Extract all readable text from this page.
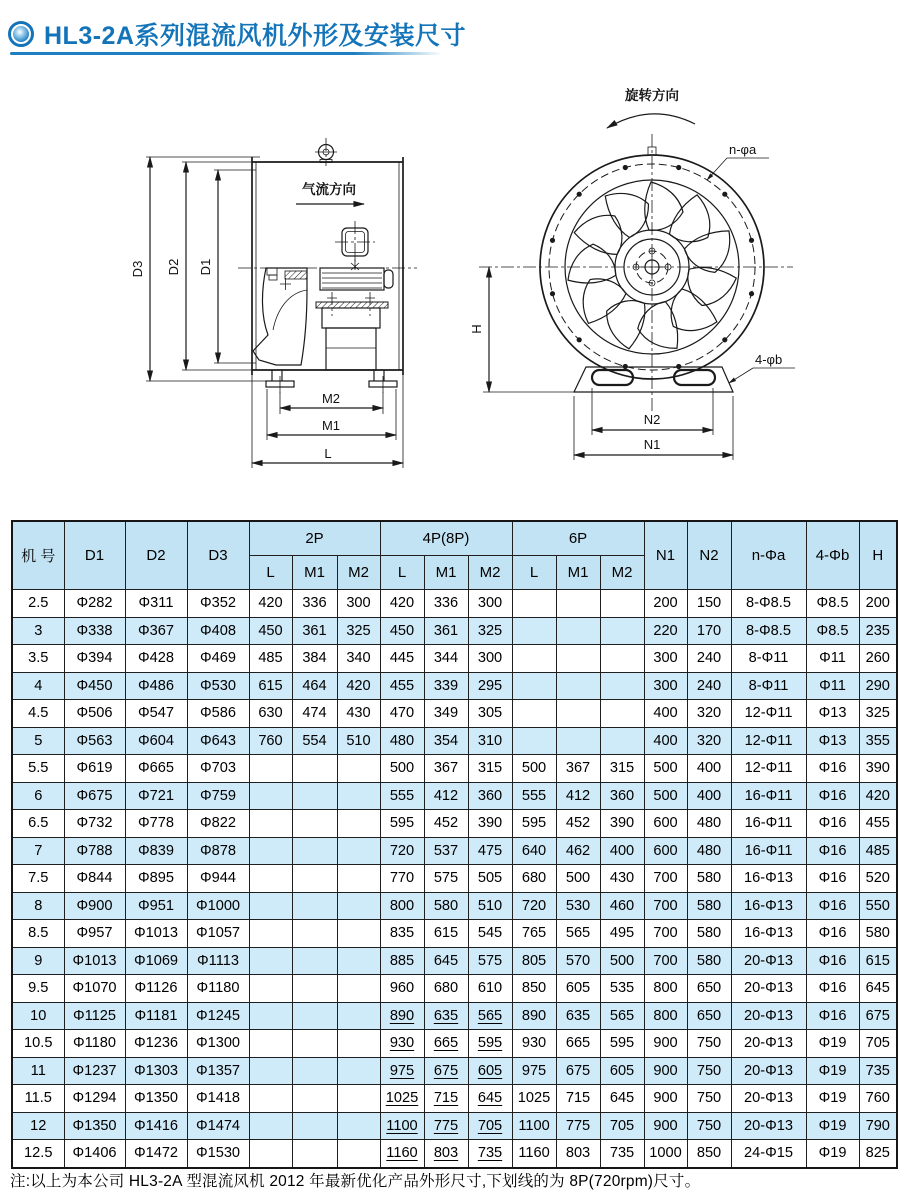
HL3-2A系列混流风机外形及安装尺寸
D3 D2 D1
气流方向
M2
M1
L
旋转方向
H
n-φa
4-φb
N2
N1
机 号	D1	D2	D3	2P			4P(8P)			6P			N1	N2	n-Φa	4-Φb	H
				L	M1	M2	L	M1	M2	L	M1	M2					
2.5	Φ282	Φ311	Φ352	420	336	300	420	336	300				200	150	8-Φ8.5	Φ8.5	200
3	Φ338	Φ367	Φ408	450	361	325	450	361	325				220	170	8-Φ8.5	Φ8.5	235
3.5	Φ394	Φ428	Φ469	485	384	340	445	344	300				300	240	8-Φ11	Φ11	260
4	Φ450	Φ486	Φ530	615	464	420	455	339	295				300	240	8-Φ11	Φ11	290
4.5	Φ506	Φ547	Φ586	630	474	430	470	349	305				400	320	12-Φ11	Φ13	325
5	Φ563	Φ604	Φ643	760	554	510	480	354	310				400	320	12-Φ11	Φ13	355
5.5	Φ619	Φ665	Φ703				500	367	315	500	367	315	500	400	12-Φ11	Φ16	390
6	Φ675	Φ721	Φ759				555	412	360	555	412	360	500	400	16-Φ11	Φ16	420
6.5	Φ732	Φ778	Φ822				595	452	390	595	452	390	600	480	16-Φ11	Φ16	455
7	Φ788	Φ839	Φ878				720	537	475	640	462	400	600	480	16-Φ11	Φ16	485
7.5	Φ844	Φ895	Φ944				770	575	505	680	500	430	700	580	16-Φ13	Φ16	520
8	Φ900	Φ951	Φ1000				800	580	510	720	530	460	700	580	16-Φ13	Φ16	550
8.5	Φ957	Φ1013	Φ1057				835	615	545	765	565	495	700	580	16-Φ13	Φ16	580
9	Φ1013	Φ1069	Φ1113				885	645	575	805	570	500	700	580	20-Φ13	Φ16	615
9.5	Φ1070	Φ1126	Φ1180				960	680	610	850	605	535	800	650	20-Φ13	Φ16	645
10	Φ1125	Φ1181	Φ1245				890	635	565	890	635	565	800	650	20-Φ13	Φ16	675
10.5	Φ1180	Φ1236	Φ1300				930	665	595	930	665	595	900	750	20-Φ13	Φ19	705
11	Φ1237	Φ1303	Φ1357				975	675	605	975	675	605	900	750	20-Φ13	Φ19	735
11.5	Φ1294	Φ1350	Φ1418				1025	715	645	1025	715	645	900	750	20-Φ13	Φ19	760
12	Φ1350	Φ1416	Φ1474				1100	775	705	1100	775	705	900	750	20-Φ13	Φ19	790
12.5	Φ1406	Φ1472	Φ1530				1160	803	735	1160	803	735	1000	850	24-Φ15	Φ19	825
注:以上为本公司 HL3-2A 型混流风机 2012 年最新优化产品外形尺寸,下划线的为 8P(720rpm)尺寸。
